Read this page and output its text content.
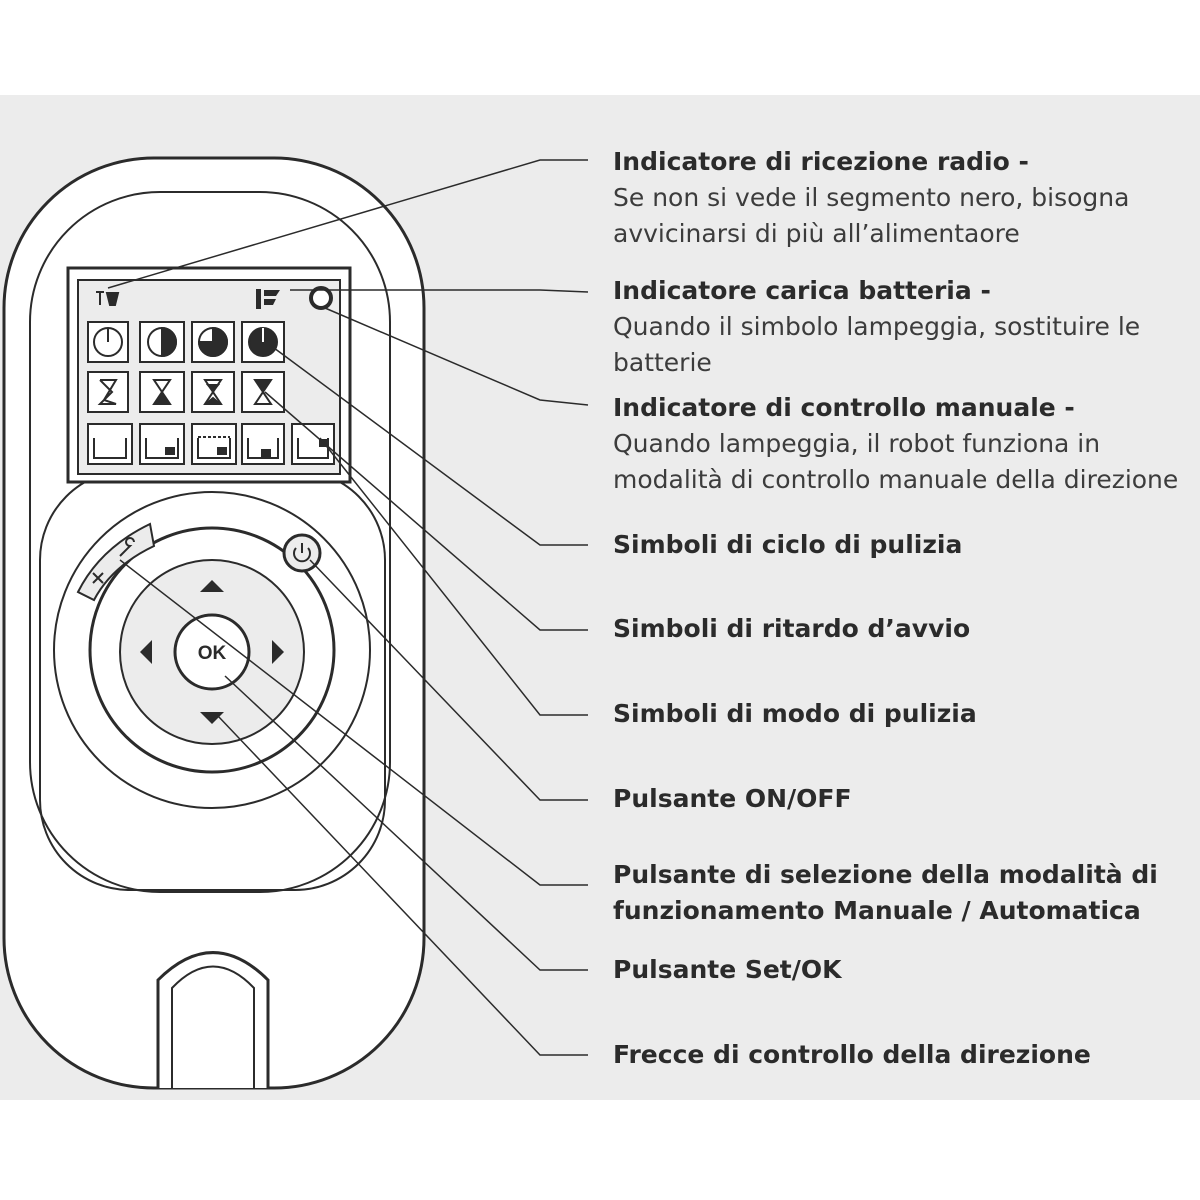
OK
Indicatore di ricezione radio -
Se non si vede il segmento nero, bisogna
avvicinarsi di più all’alimentaore
Indicatore carica batteria -
Quando il simbolo lampeggia, sostituire le
batterie
Indicatore di controllo manuale -
Quando lampeggia, il robot funziona in
modalità di controllo manuale della direzione
Simboli di ciclo di pulizia
Simboli di ritardo d’avvio
Simboli di modo di pulizia
Pulsante ON/OFF
Pulsante di selezione della modalità di
funzionamento Manuale / Automatica
Pulsante Set/OK
Frecce di controllo della direzione
